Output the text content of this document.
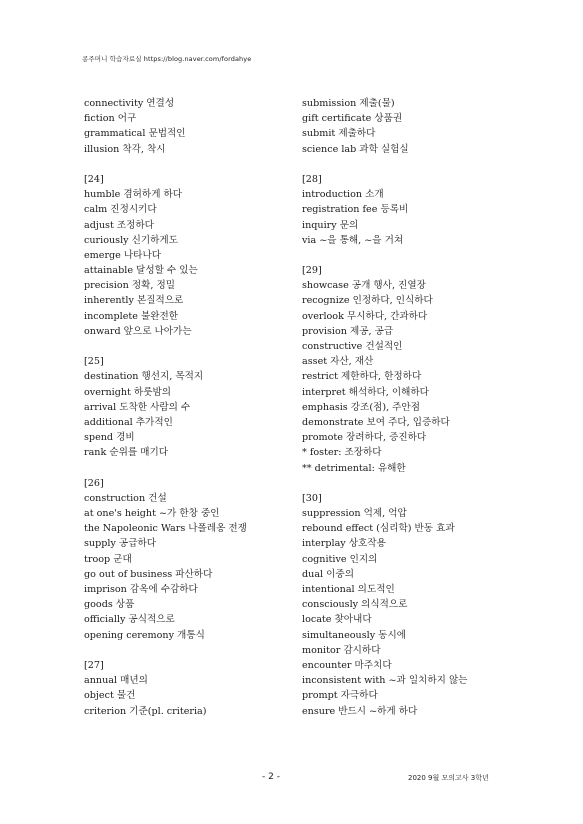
콩주머니 학습자료실 https://blog.naver.com/fordahye
connectivity 연결성
fiction 어구
grammatical 문법적인
illusion 착각, 착시
[24]
humble 겸허하게 하다
calm 진정시키다
adjust 조정하다
curiously 신기하게도
emerge 나타나다
attainable 달성할 수 있는
precision 정확, 정밀
inherently 본질적으로
incomplete 불완전한
onward 앞으로 나아가는
[25]
destination 행선지, 목적지
overnight 하룻밤의
arrival 도착한 사람의 수
additional 추가적인
spend 경비
rank 순위를 매기다
[26]
construction 건설
at one's height ~가 한창 중인
the Napoleonic Wars 나폴레옹 전쟁
supply 공급하다
troop 군대
go out of business 파산하다
imprison 감옥에 수감하다
goods 상품
officially 공식적으로
opening ceremony 개통식
[27]
annual 매년의
object 물건
criterion 기준(pl. criteria)
submission 제출(물)
gift certificate 상품권
submit 제출하다
science lab 과학 실험실
[28]
introduction 소개
registration fee 등록비
inquiry 문의
via ~을 통해, ~을 거쳐
[29]
showcase 공개 행사, 진열장
recognize 인정하다, 인식하다
overlook 무시하다, 간과하다
provision 제공, 공급
constructive 건설적인
asset 자산, 재산
restrict 제한하다, 한정하다
interpret 해석하다, 이해하다
emphasis 강조(점), 주안점
demonstrate 보여 주다, 입증하다
promote 장려하다, 증진하다
* foster: 조장하다
** detrimental: 유해한
[30]
suppression 억제, 억압
rebound effect (심리학) 반동 효과
interplay 상호작용
cognitive 인지의
dual 이중의
intentional 의도적인
consciously 의식적으로
locate 찾아내다
simultaneously 동시에
monitor 감시하다
encounter 마주치다
inconsistent with ~과 일치하지 않는
prompt 자극하다
ensure 반드시 ~하게 하다
- 2 -	2020 9월 모의고사 3학년
